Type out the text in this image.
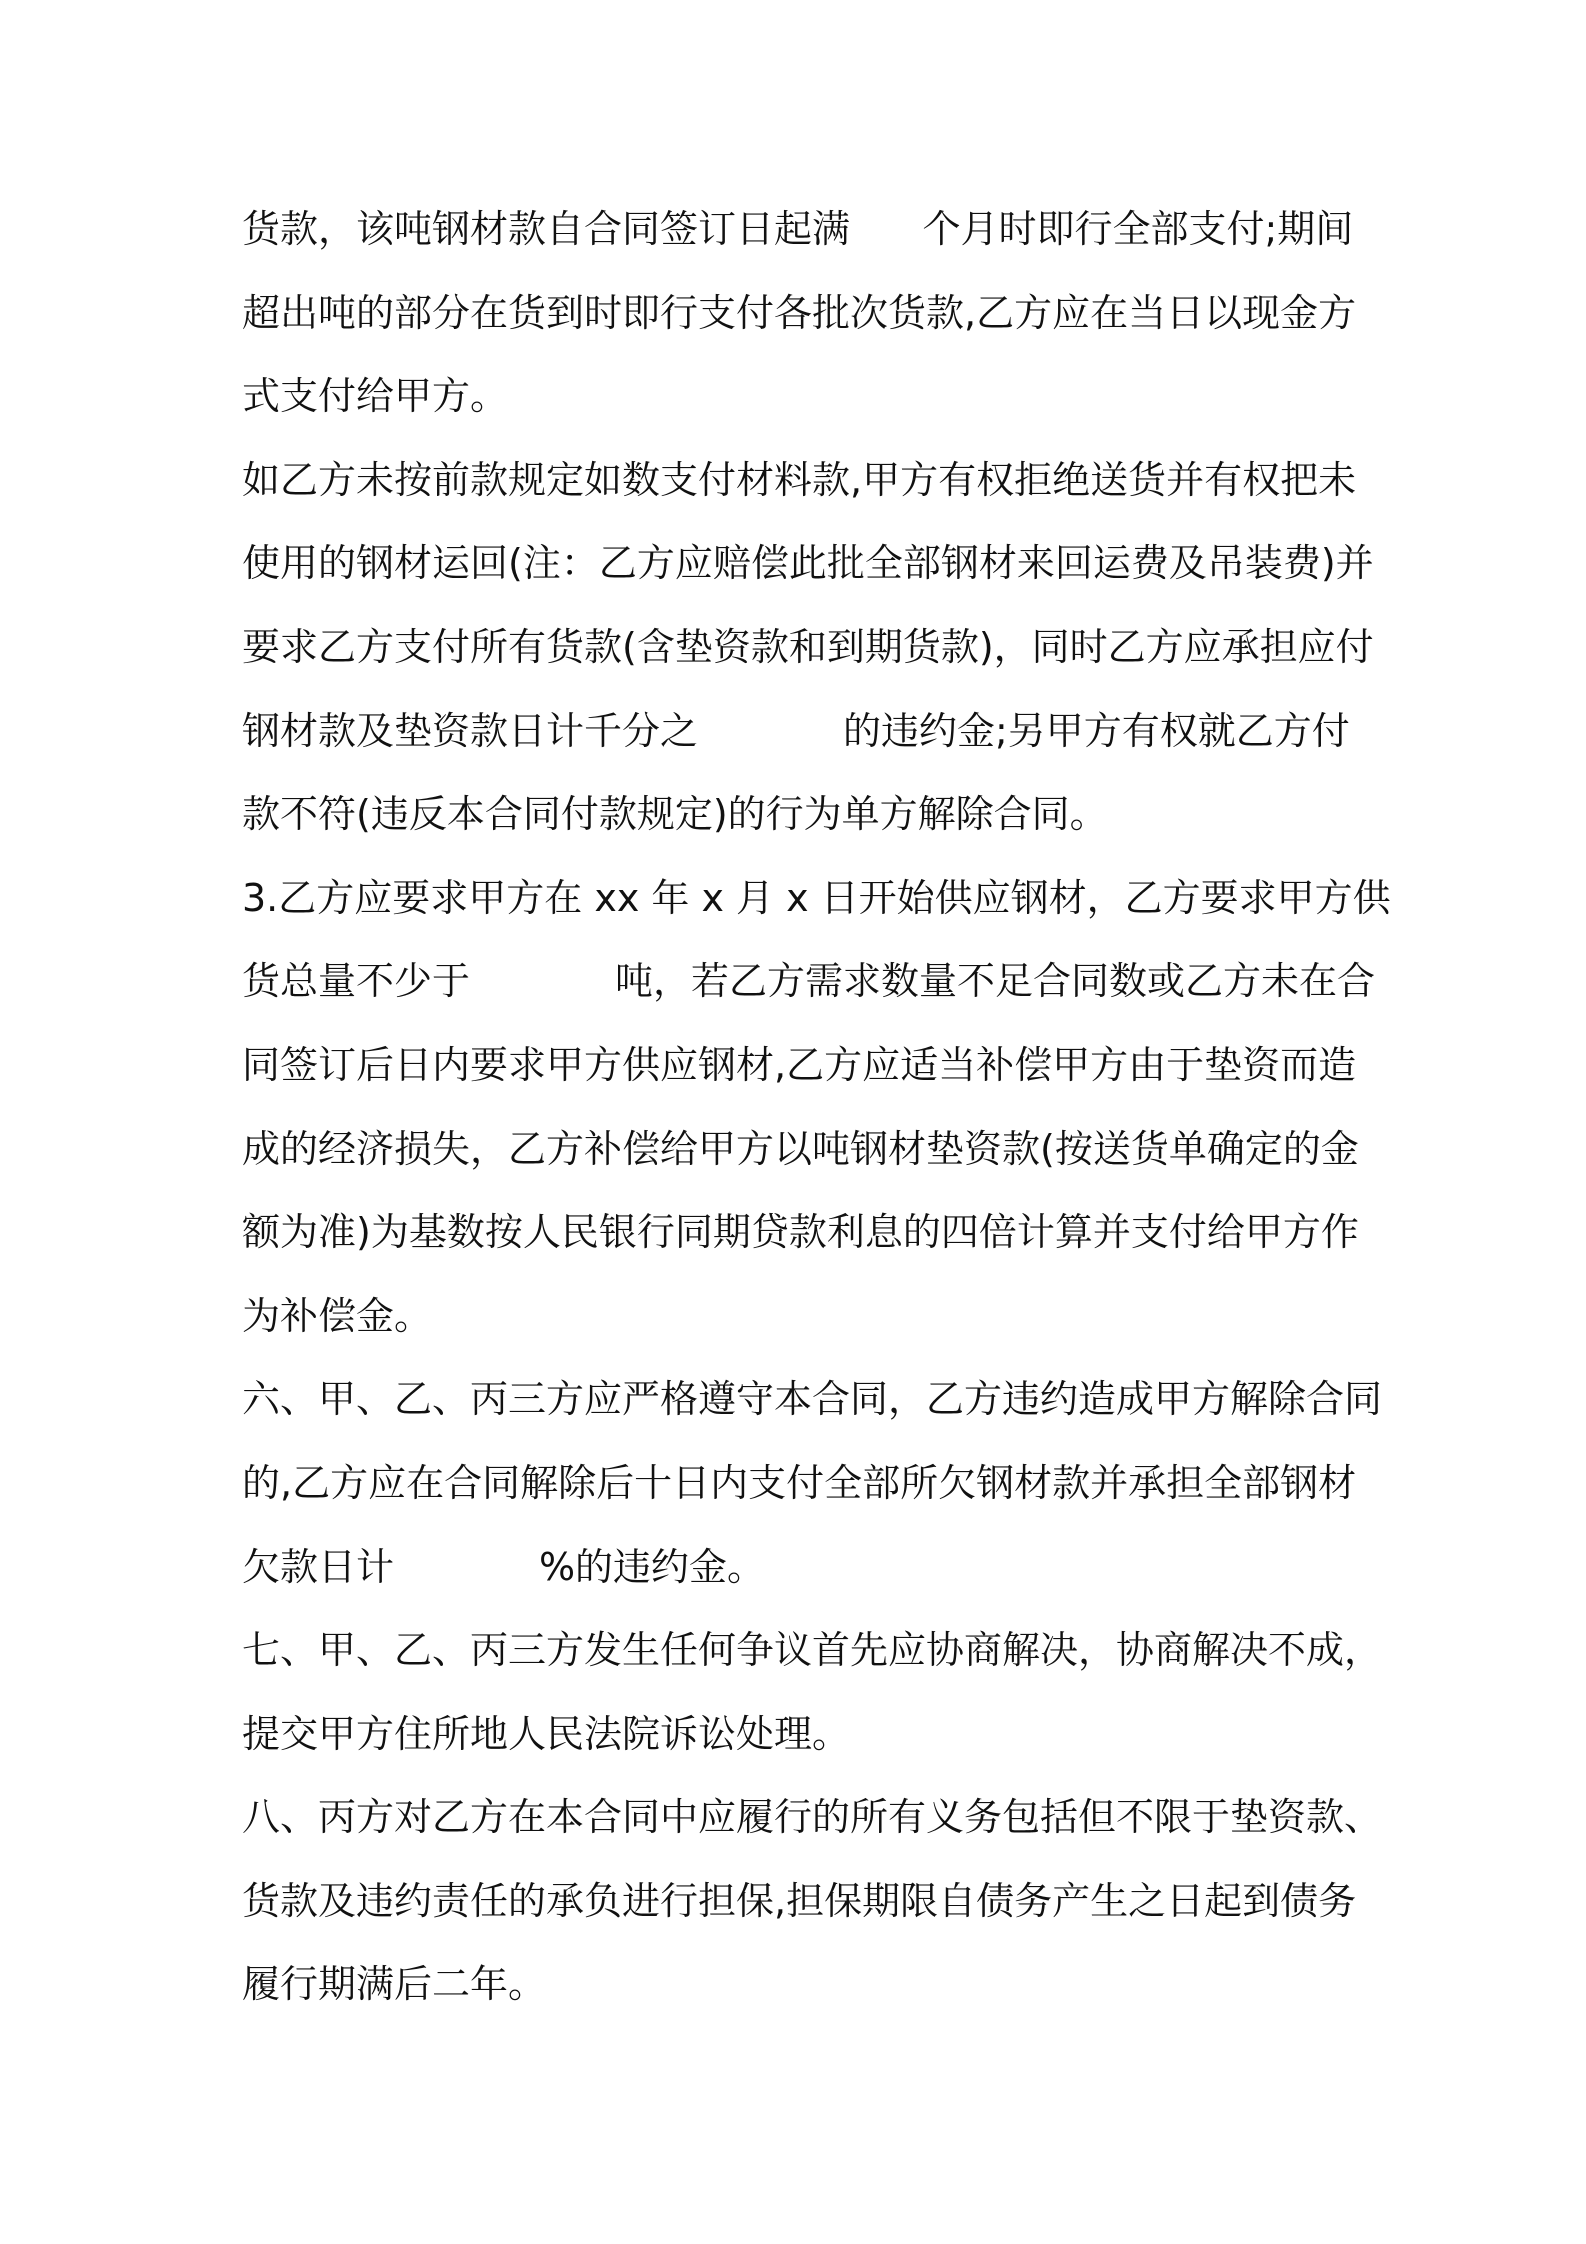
货款，该吨钢材款自合同签订日起满      个月时即行全部支付;期间
超出吨的部分在货到时即行支付各批次货款,乙方应在当日以现金方
式支付给甲方。
如乙方未按前款规定如数支付材料款,甲方有权拒绝送货并有权把未
使用的钢材运回(注：乙方应赔偿此批全部钢材来回运费及吊装费)并
要求乙方支付所有货款(含垫资款和到期货款)，同时乙方应承担应付
钢材款及垫资款日计千分之            的违约金;另甲方有权就乙方付
款不符(违反本合同付款规定)的行为单方解除合同。
3.乙方应要求甲方在 xx 年 x 月 x 日开始供应钢材，乙方要求甲方供
货总量不少于            吨，若乙方需求数量不足合同数或乙方未在合
同签订后日内要求甲方供应钢材,乙方应适当补偿甲方由于垫资而造
成的经济损失，乙方补偿给甲方以吨钢材垫资款(按送货单确定的金
额为准)为基数按人民银行同期贷款利息的四倍计算并支付给甲方作
为补偿金。
六、甲、乙、丙三方应严格遵守本合同，乙方违约造成甲方解除合同
的,乙方应在合同解除后十日内支付全部所欠钢材款并承担全部钢材
欠款日计            %的违约金。
七、甲、乙、丙三方发生任何争议首先应协商解决，协商解决不成，
提交甲方住所地人民法院诉讼处理。
八、丙方对乙方在本合同中应履行的所有义务包括但不限于垫资款、
货款及违约责任的承负进行担保,担保期限自债务产生之日起到债务
履行期满后二年。
